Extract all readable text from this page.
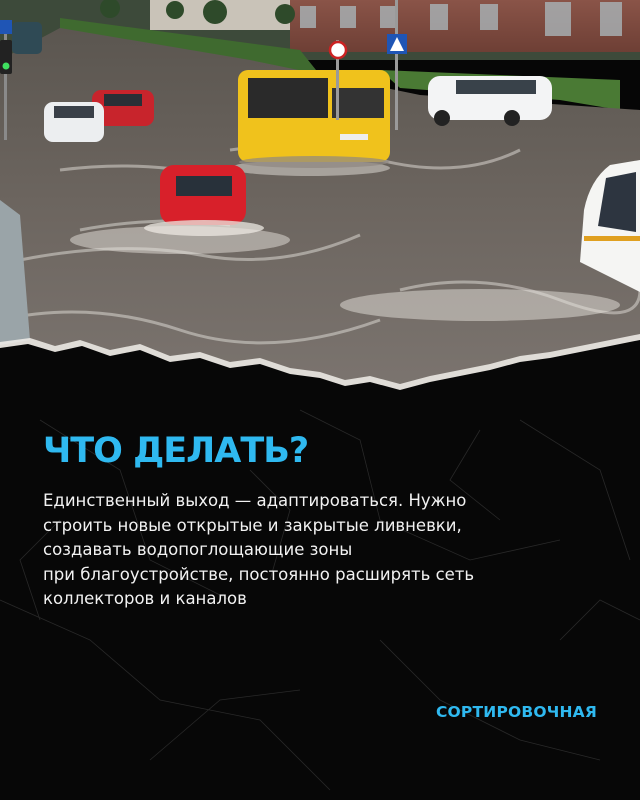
ЧТО ДЕЛАТЬ?

Единственный выход — адаптироваться. Нужно
строить новые открытые и закрытые ливневки,
создавать водопоглощающие зоны
при благоустройстве, постоянно расширять сеть
коллекторов и каналов

СОРТИРОВОЧНАЯ
